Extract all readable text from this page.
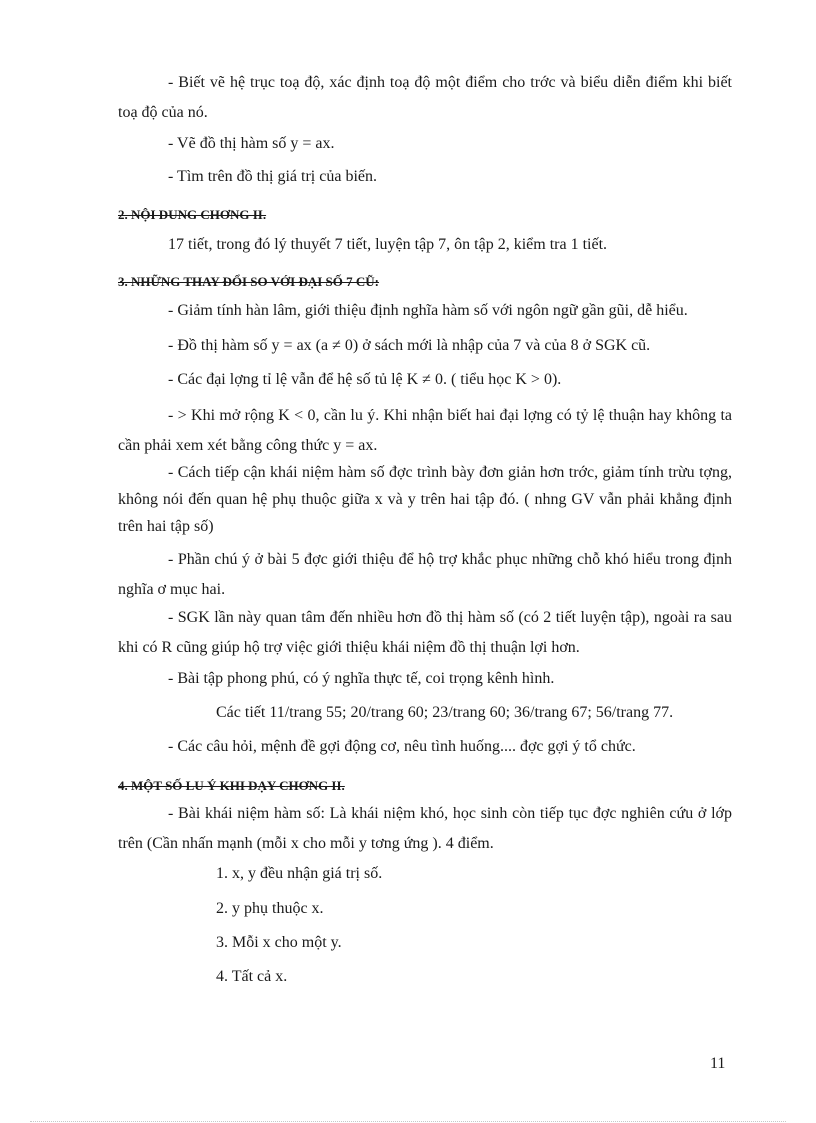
- Biết vẽ hệ trục toạ độ, xác định toạ độ một điểm cho trớc và biểu diễn điểm khi biết toạ độ của nó.
- Vẽ đồ thị hàm số y = ax.
- Tìm trên đồ thị giá trị của biến.
2. NỘI DUNG CHƠNG II.
17 tiết, trong đó lý thuyết 7 tiết, luyện tập 7, ôn tập 2, kiểm tra 1 tiết.
3. NHỮNG THAY ĐỔI SO VỚI ĐẠI SỐ 7 CŨ:
- Giảm tính hàn lâm, giới thiệu định nghĩa hàm số với ngôn ngữ gần gũi, dễ hiểu.
- Đồ thị hàm số y = ax (a ≠ 0) ở sách mới là nhập của 7 và của 8 ở SGK cũ.
- Các đại lợng tỉ lệ vẫn để hệ số tủ lệ K ≠ 0. ( tiểu học K > 0).
- > Khi mở rộng K < 0, cần lu ý. Khi nhận biết hai đại lợng có tỷ lệ thuận hay không ta cần phải xem xét bằng công thức y = ax.
- Cách tiếp cận khái niệm hàm số đợc trình bày đơn giản hơn trớc, giảm tính trừu tợng, không nói đến quan hệ phụ thuộc giữa x và y trên hai tập đó. ( nhng GV vẫn phải khẳng định trên hai tập số)
- Phần chú ý ở bài 5 đợc giới thiệu để hộ trợ khắc phục những chỗ khó hiểu trong định nghĩa ơ mục hai.
- SGK lần này quan tâm đến nhiều hơn đồ thị hàm số (có 2 tiết luyện tập), ngoài ra sau khi có R cũng giúp hộ trợ việc giới thiệu khái niệm đồ thị thuận lợi hơn.
- Bài tập phong phú, có ý nghĩa thực tế, coi trọng kênh hình.
Các tiết 11/trang 55; 20/trang 60; 23/trang 60; 36/trang 67; 56/trang 77.
- Các câu hỏi, mệnh đề gợi động cơ, nêu tình huống.... đợc gợi ý tổ chức.
4. MỘT SỐ LU Ý KHI DẠY CHƠNG II.
- Bài khái niệm hàm số: Là khái niệm khó, học sinh còn tiếp tục đợc nghiên cứu ở lớp trên (Cần nhấn mạnh (mỗi x cho mỗi y tơng ứng ). 4 điểm.
1. x, y đều nhận giá trị số.
2. y phụ thuộc x.
3. Mỗi x cho một y.
4. Tất cả x.
11
